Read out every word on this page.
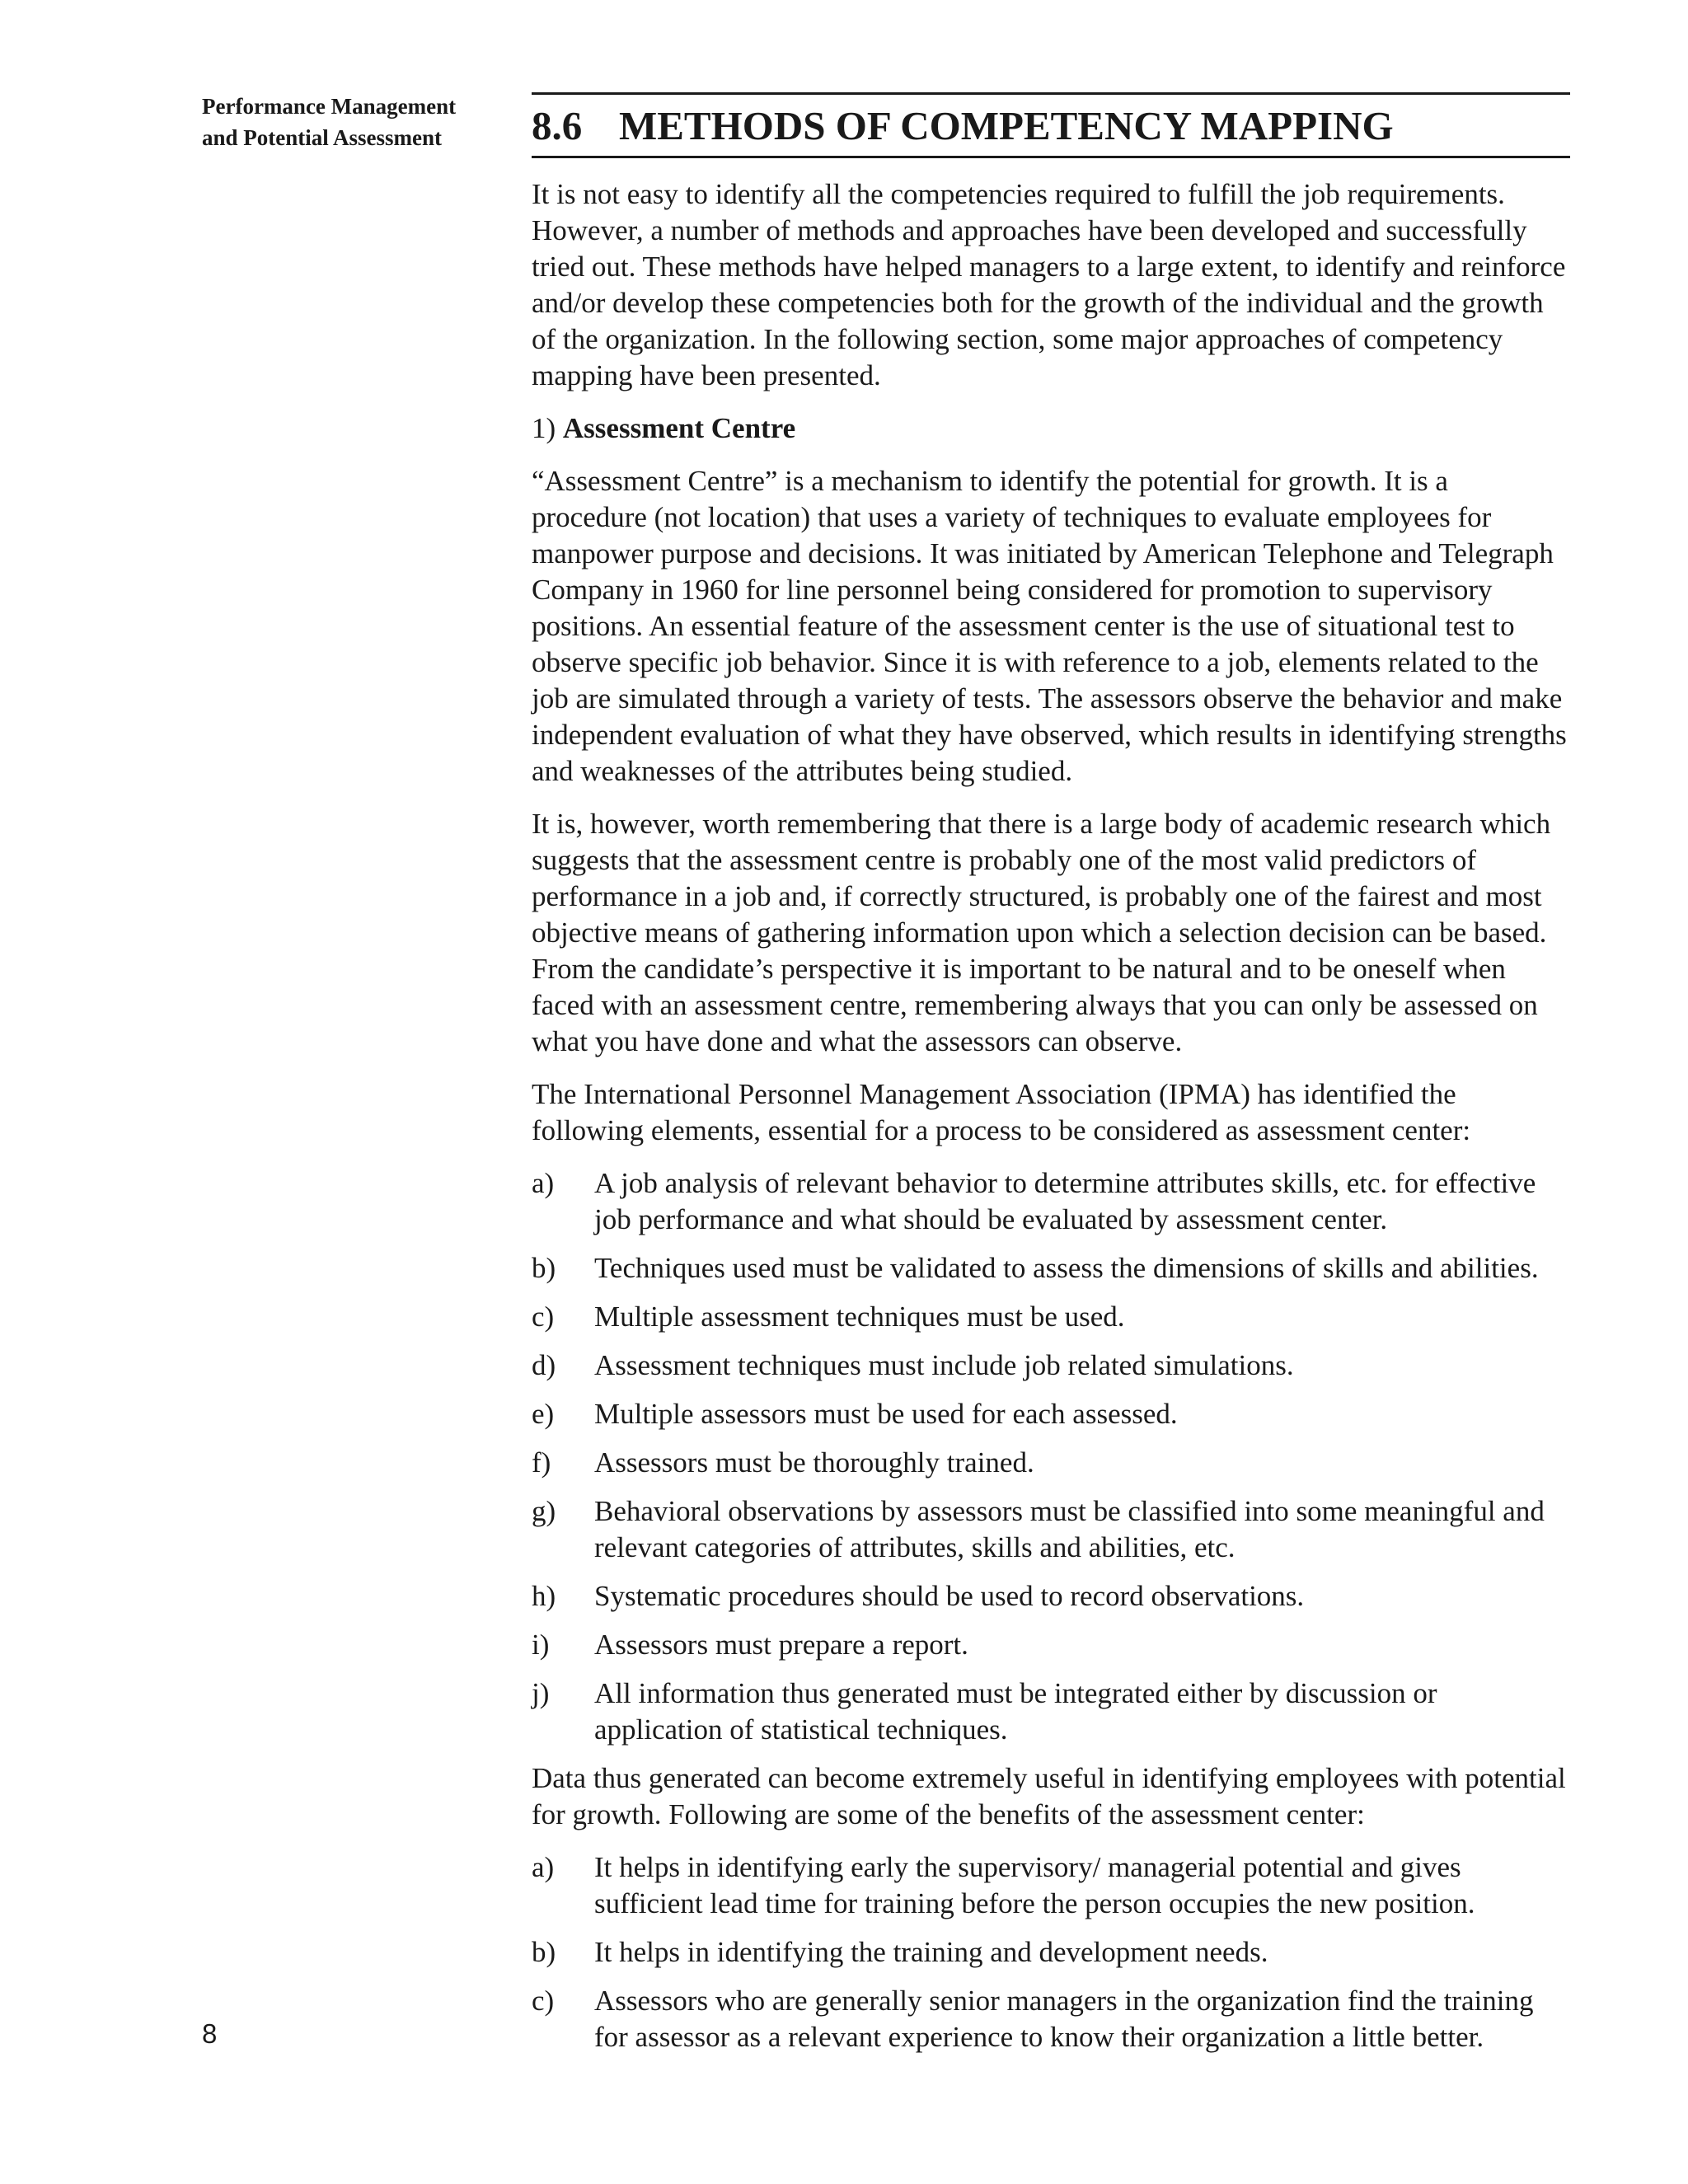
Performance Management
and Potential Assessment
8
8.6 METHODS OF COMPETENCY MAPPING

It is not easy to identify all the competencies required to fulfill the job requirements. However, a number of methods and approaches have been developed and successfully tried out. These methods have helped managers to a large extent, to identify and reinforce and/or develop these competencies both for the growth of the individual and the growth of the organization. In the following section, some major approaches of competency mapping have been presented.

1) Assessment Centre

“Assessment Centre” is a mechanism to identify the potential for growth. It is a procedure (not location) that uses a variety of techniques to evaluate employees for manpower purpose and decisions. It was initiated by American Telephone and Telegraph Company in 1960 for line personnel being considered for promotion to supervisory positions. An essential feature of the assessment center is the use of situational test to observe specific job behavior. Since it is with reference to a job, elements related to the job are simulated through a variety of tests. The assessors observe the behavior and make independent evaluation of what they have observed, which results in identifying strengths and weaknesses of the attributes being studied.

It is, however, worth remembering that there is a large body of academic research which suggests that the assessment centre is probably one of the most valid predictors of performance in a job and, if correctly structured, is probably one of the fairest and most objective means of gathering information upon which a selection decision can be based. From the candidate’s perspective it is important to be natural and to be oneself when faced with an assessment centre, remembering always that you can only be assessed on what you have done and what the assessors can observe.

The International Personnel Management Association (IPMA) has identified the following elements, essential for a process to be considered as assessment center:

a)	A job analysis of relevant behavior to determine attributes skills, etc. for effective job performance and what should be evaluated by assessment center.
b)	Techniques used must be validated to assess the dimensions of skills and abilities.
c)	Multiple assessment techniques must be used.
d)	Assessment techniques must include job related simulations.
e)	Multiple assessors must be used for each assessed.
f)	Assessors must be thoroughly trained.
g)	Behavioral observations by assessors must be classified into some meaningful and relevant categories of attributes, skills and abilities, etc.
h)	Systematic procedures should be used to record observations.
i)	Assessors must prepare a report.
j)	All information thus generated must be integrated either by discussion or application of statistical techniques.

Data thus generated can become extremely useful in identifying employees with potential for growth. Following are some of the benefits of the assessment center:

a)	It helps in identifying early the supervisory/ managerial potential and gives sufficient lead time for training before the person occupies the new position.
b)	It helps in identifying the training and development needs.
c)	Assessors who are generally senior managers in the organization find the training for assessor as a relevant experience to know their organization a little better.
